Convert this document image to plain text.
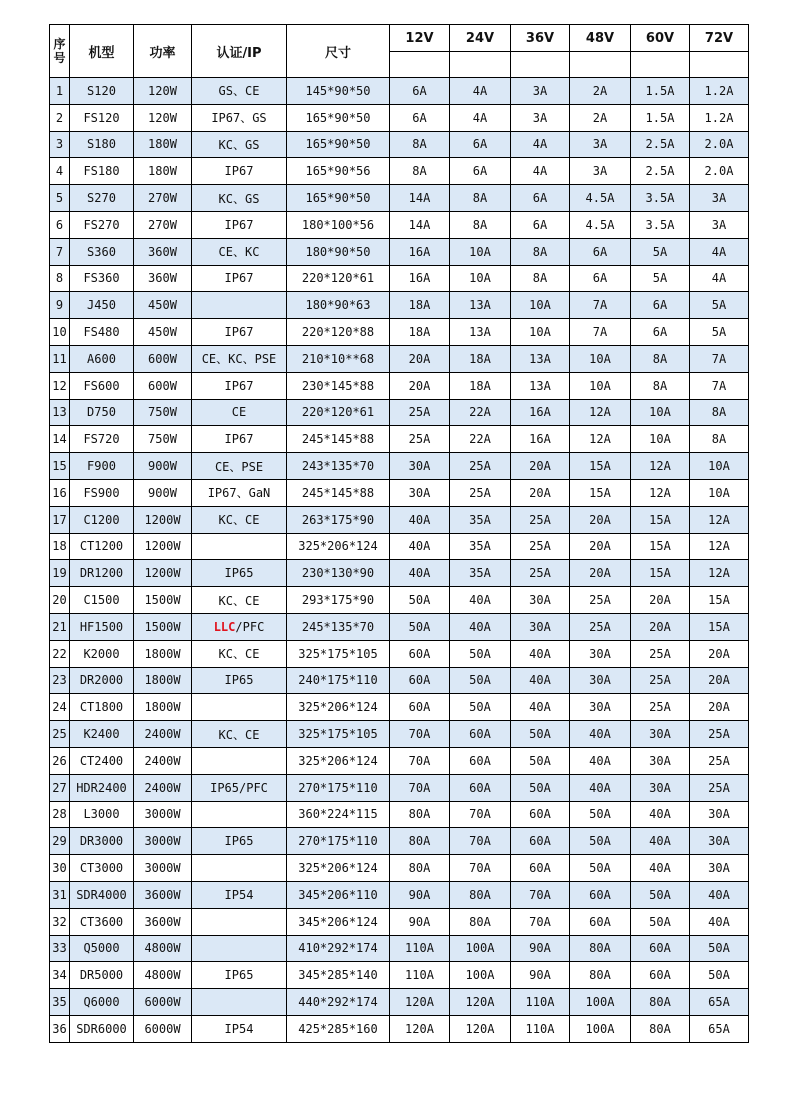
序号	机型	功率	认证/IP	尺寸	12V	24V	36V	48V	60V	72V

1	S120	120W	GS、CE	145*90*50	6A	4A	3A	2A	1.5A	1.2A
2	FS120	120W	IP67、GS	165*90*50	6A	4A	3A	2A	1.5A	1.2A
3	S180	180W	KC、GS	165*90*50	8A	6A	4A	3A	2.5A	2.0A
4	FS180	180W	IP67	165*90*56	8A	6A	4A	3A	2.5A	2.0A
5	S270	270W	KC、GS	165*90*50	14A	8A	6A	4.5A	3.5A	3A
6	FS270	270W	IP67	180*100*56	14A	8A	6A	4.5A	3.5A	3A
7	S360	360W	CE、KC	180*90*50	16A	10A	8A	6A	5A	4A
8	FS360	360W	IP67	220*120*61	16A	10A	8A	6A	5A	4A
9	J450	450W		180*90*63	18A	13A	10A	7A	6A	5A
10	FS480	450W	IP67	220*120*88	18A	13A	10A	7A	6A	5A
11	A600	600W	CE、KC、PSE	210*10**68	20A	18A	13A	10A	8A	7A
12	FS600	600W	IP67	230*145*88	20A	18A	13A	10A	8A	7A
13	D750	750W	CE	220*120*61	25A	22A	16A	12A	10A	8A
14	FS720	750W	IP67	245*145*88	25A	22A	16A	12A	10A	8A
15	F900	900W	CE、PSE	243*135*70	30A	25A	20A	15A	12A	10A
16	FS900	900W	IP67、GaN	245*145*88	30A	25A	20A	15A	12A	10A
17	C1200	1200W	KC、CE	263*175*90	40A	35A	25A	20A	15A	12A
18	CT1200	1200W		325*206*124	40A	35A	25A	20A	15A	12A
19	DR1200	1200W	IP65	230*130*90	40A	35A	25A	20A	15A	12A
20	C1500	1500W	KC、CE	293*175*90	50A	40A	30A	25A	20A	15A
21	HF1500	1500W	LLC/PFC	245*135*70	50A	40A	30A	25A	20A	15A
22	K2000	1800W	KC、CE	325*175*105	60A	50A	40A	30A	25A	20A
23	DR2000	1800W	IP65	240*175*110	60A	50A	40A	30A	25A	20A
24	CT1800	1800W		325*206*124	60A	50A	40A	30A	25A	20A
25	K2400	2400W	KC、CE	325*175*105	70A	60A	50A	40A	30A	25A
26	CT2400	2400W		325*206*124	70A	60A	50A	40A	30A	25A
27	HDR2400	2400W	IP65/PFC	270*175*110	70A	60A	50A	40A	30A	25A
28	L3000	3000W		360*224*115	80A	70A	60A	50A	40A	30A
29	DR3000	3000W	IP65	270*175*110	80A	70A	60A	50A	40A	30A
30	CT3000	3000W		325*206*124	80A	70A	60A	50A	40A	30A
31	SDR4000	3600W	IP54	345*206*110	90A	80A	70A	60A	50A	40A
32	CT3600	3600W		345*206*124	90A	80A	70A	60A	50A	40A
33	Q5000	4800W		410*292*174	110A	100A	90A	80A	60A	50A
34	DR5000	4800W	IP65	345*285*140	110A	100A	90A	80A	60A	50A
35	Q6000	6000W		440*292*174	120A	120A	110A	100A	80A	65A
36	SDR6000	6000W	IP54	425*285*160	120A	120A	110A	100A	80A	65A
